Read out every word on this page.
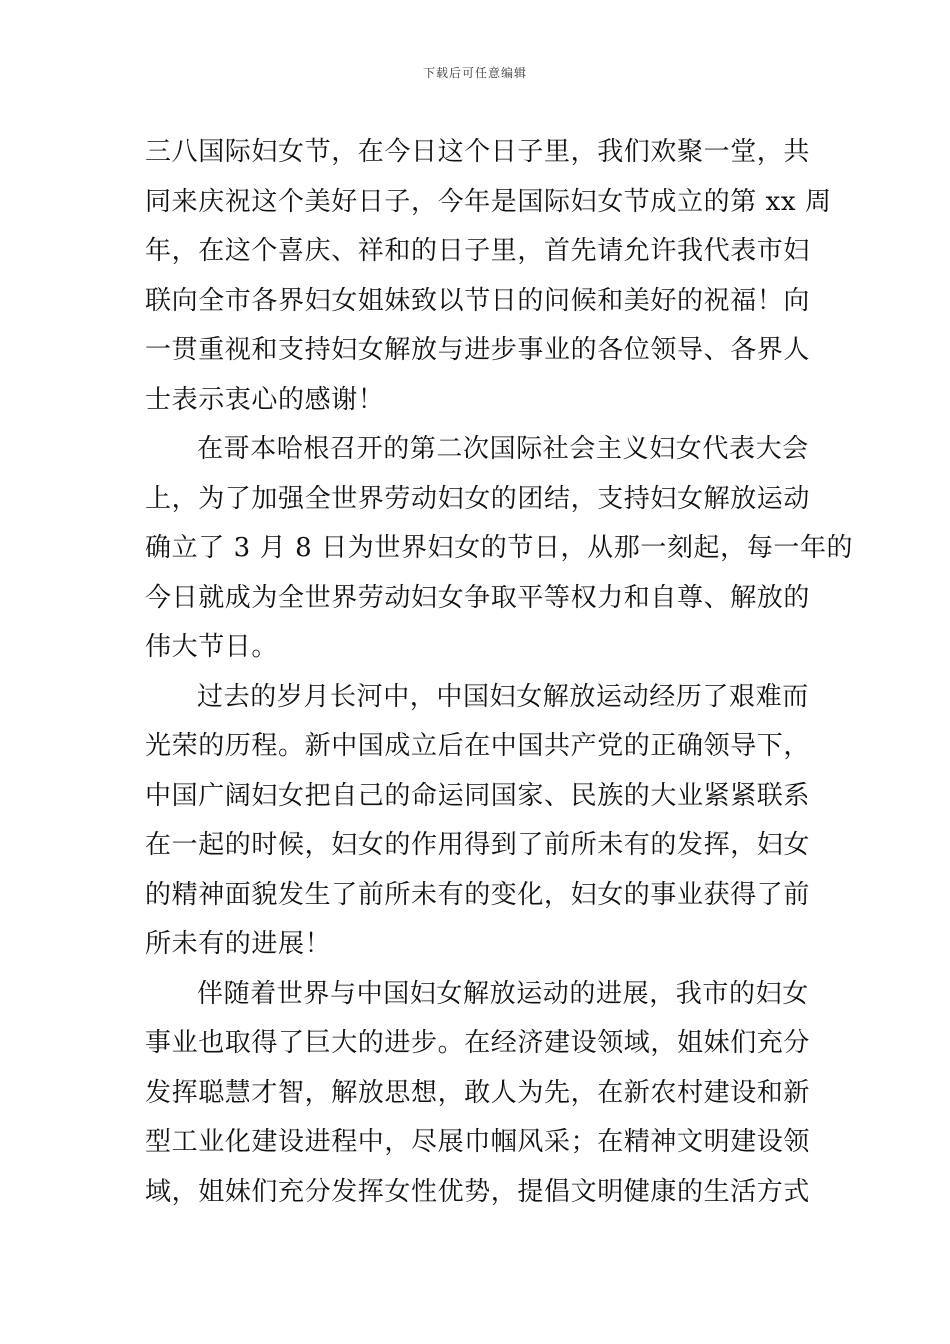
下载后可任意编辑
三八国际妇女节，在今日这个日子里，我们欢聚一堂，共
同来庆祝这个美好日子，今年是国际妇女节成立的第 xx 周
年，在这个喜庆、祥和的日子里，首先请允许我代表市妇
联向全市各界妇女姐妹致以节日的问候和美好的祝福！向
一贯重视和支持妇女解放与进步事业的各位领导、各界人
士表示衷心的感谢！
在哥本哈根召开的第二次国际社会主义妇女代表大会
上，为了加强全世界劳动妇女的团结，支持妇女解放运动
确立了 3 月 8 日为世界妇女的节日，从那一刻起，每一年的
今日就成为全世界劳动妇女争取平等权力和自尊、解放的
伟大节日。
过去的岁月长河中，中国妇女解放运动经历了艰难而
光荣的历程。新中国成立后在中国共产党的正确领导下，
中国广阔妇女把自己的命运同国家、民族的大业紧紧联系
在一起的时候，妇女的作用得到了前所未有的发挥，妇女
的精神面貌发生了前所未有的变化，妇女的事业获得了前
所未有的进展！
伴随着世界与中国妇女解放运动的进展，我市的妇女
事业也取得了巨大的进步。在经济建设领域，姐妹们充分
发挥聪慧才智，解放思想，敢人为先，在新农村建设和新
型工业化建设进程中，尽展巾帼风采；在精神文明建设领
域，姐妹们充分发挥女性优势，提倡文明健康的生活方式
